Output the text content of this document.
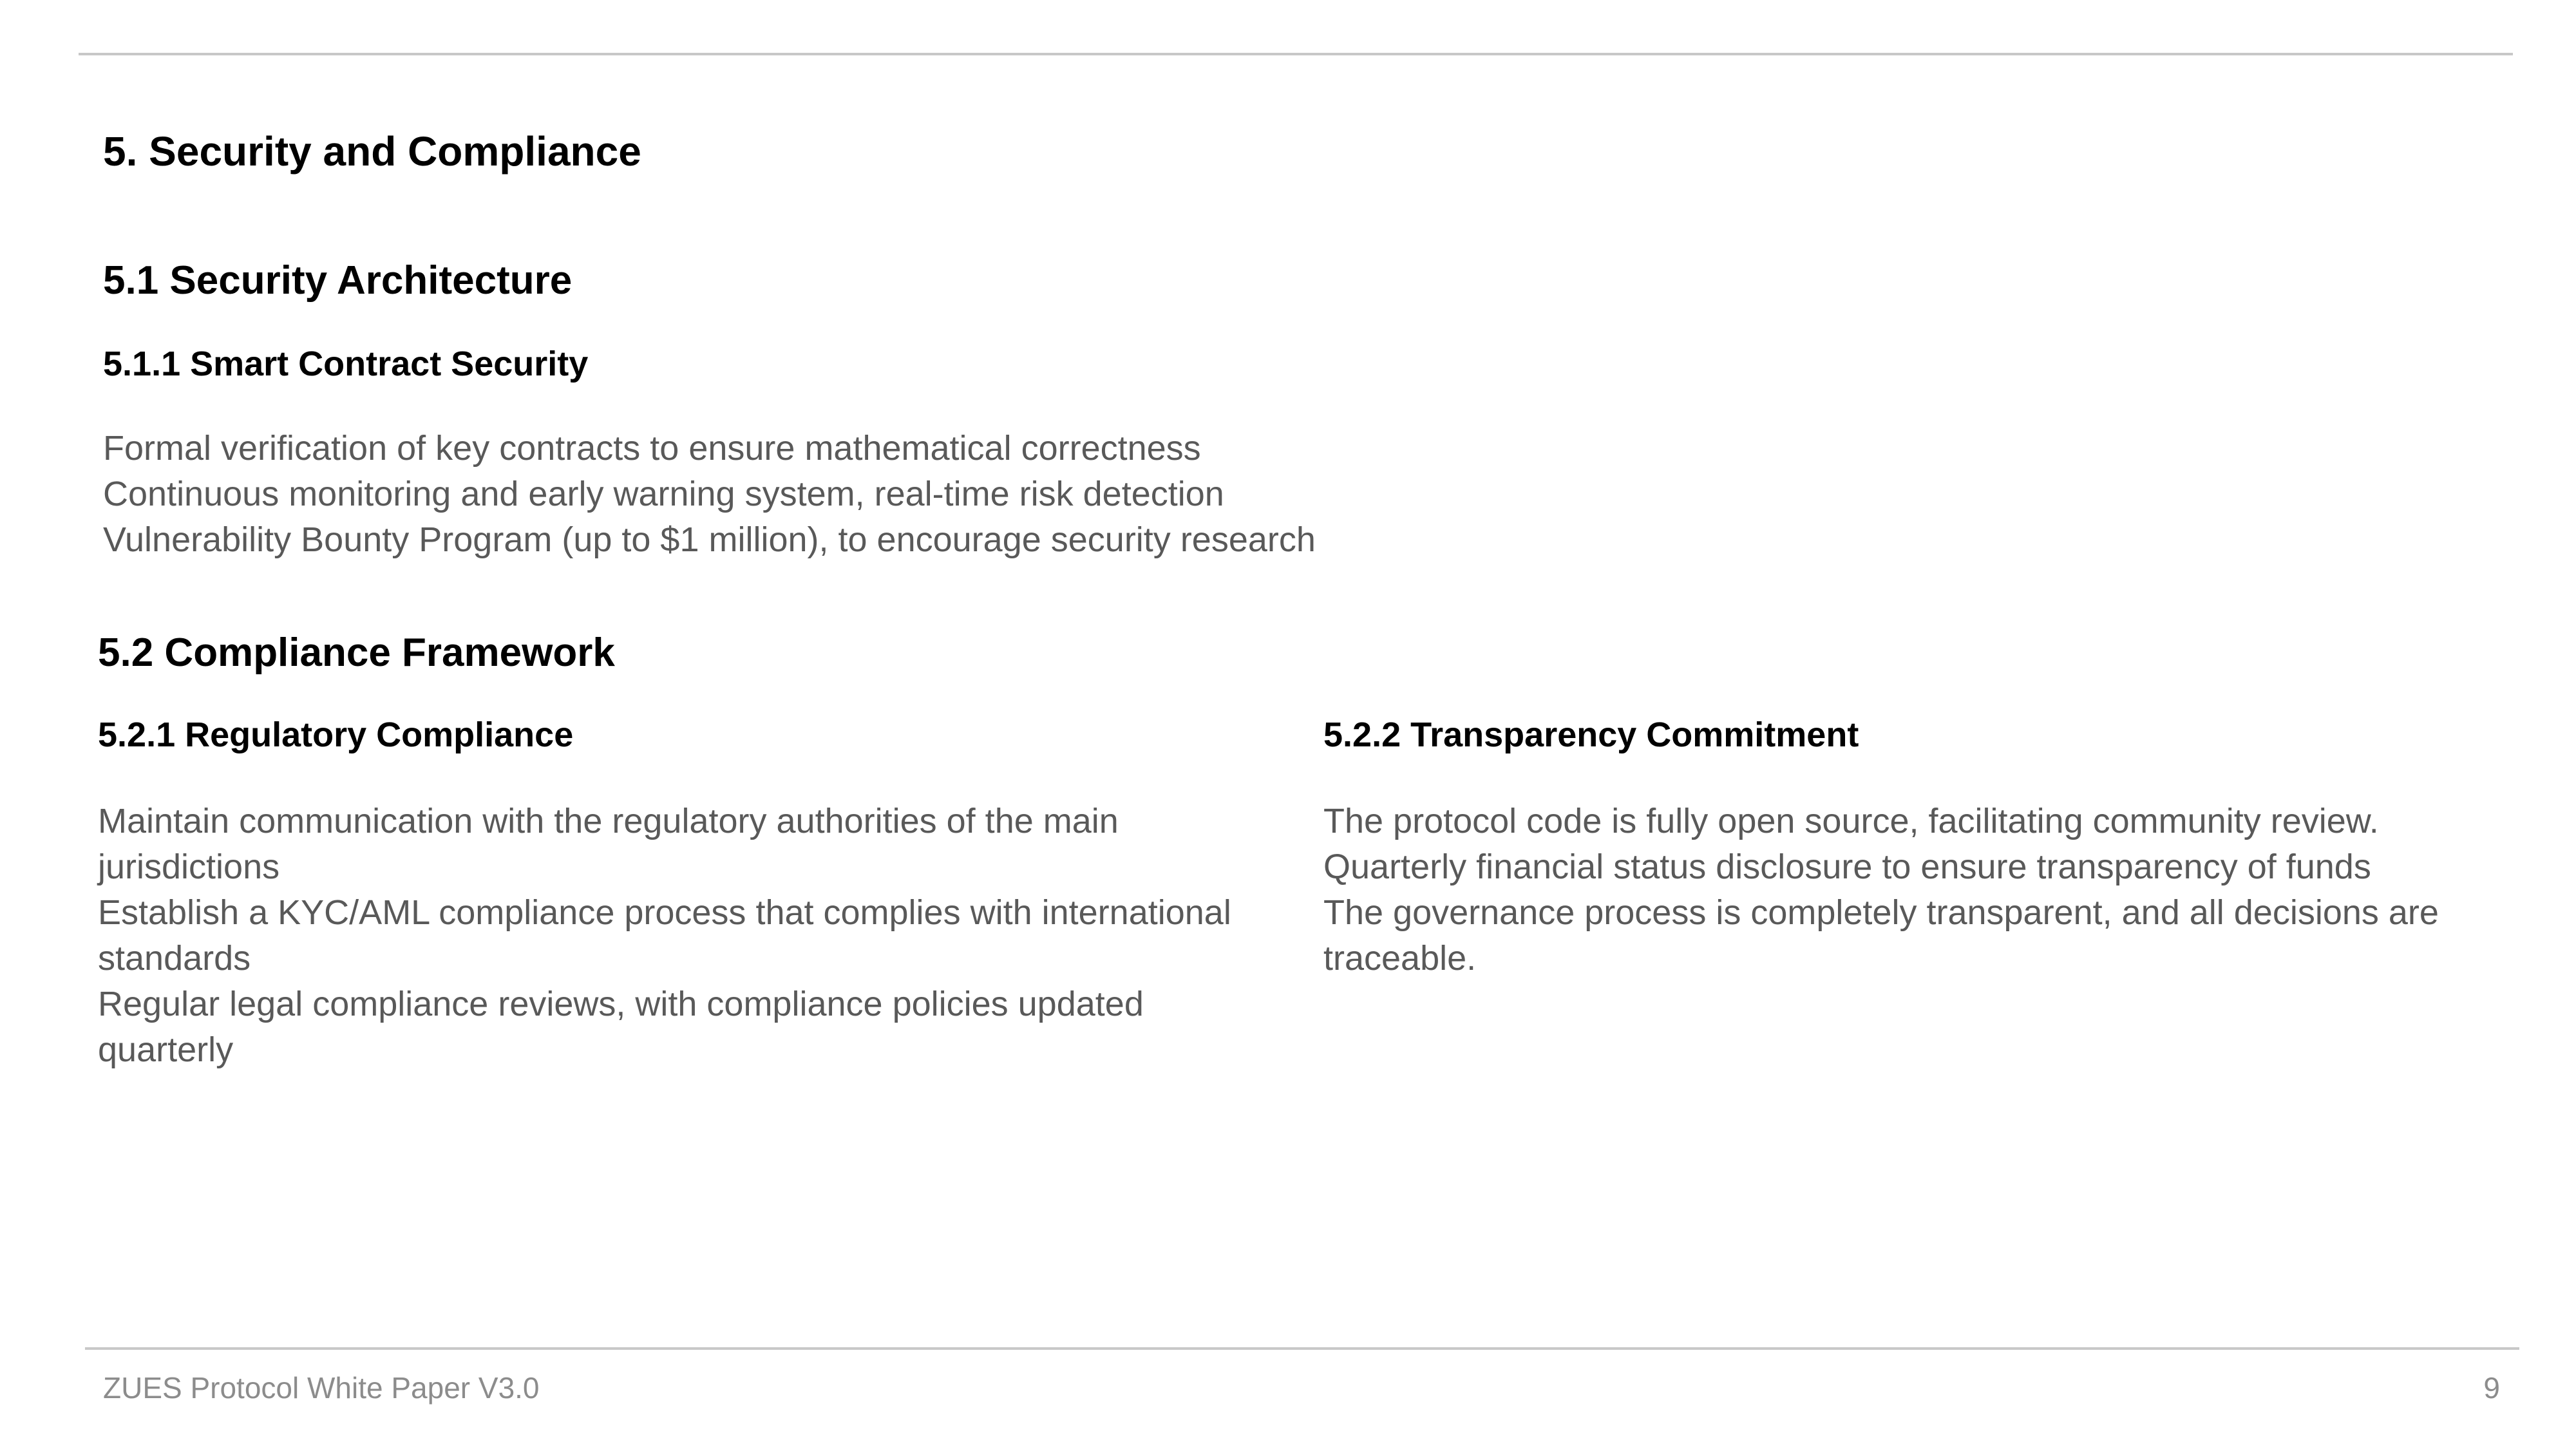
5. Security and Compliance
5.1 Security Architecture
5.1.1 Smart Contract Security
Formal verification of key contracts to ensure mathematical correctness
Continuous monitoring and early warning system, real-time risk detection
Vulnerability Bounty Program (up to $1 million), to encourage security research
5.2 Compliance Framework
5.2.1 Regulatory Compliance
Maintain communication with the regulatory authorities of the main
jurisdictions
Establish a KYC/AML compliance process that complies with international
standards
Regular legal compliance reviews, with compliance policies updated
quarterly
5.2.2 Transparency Commitment
The protocol code is fully open source, facilitating community review.
Quarterly financial status disclosure to ensure transparency of funds
The governance process is completely transparent, and all decisions are
traceable.
ZUES Protocol White Paper V3.0	9
